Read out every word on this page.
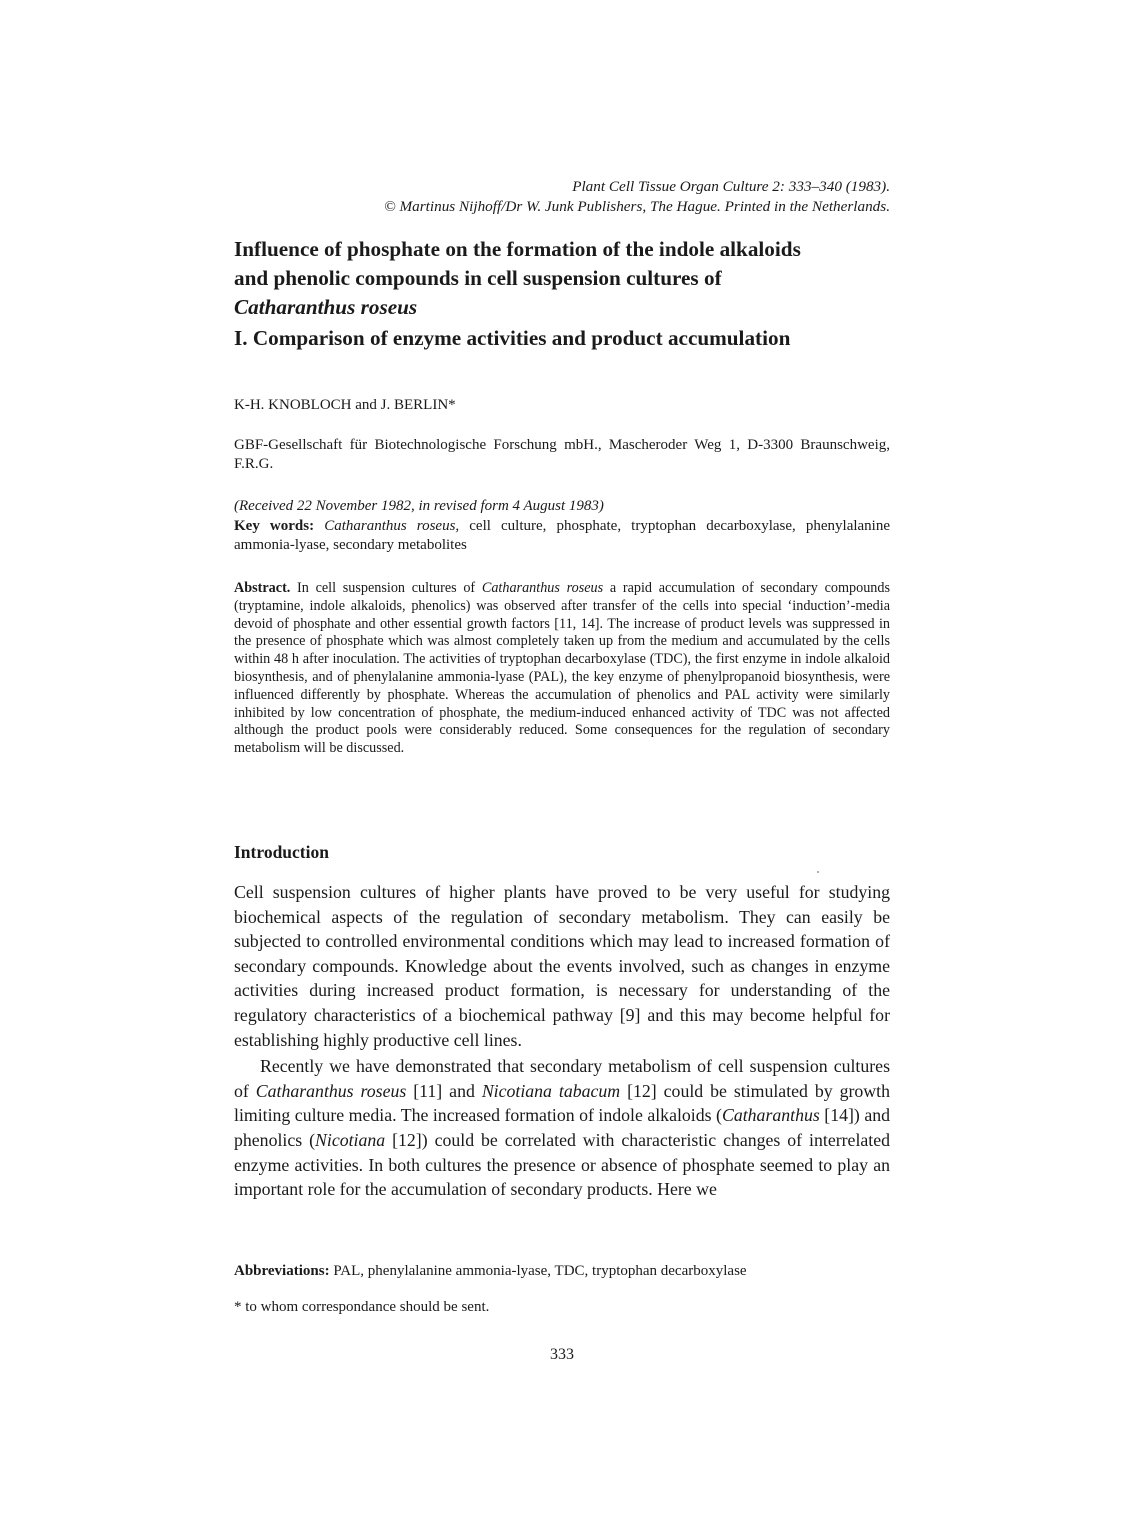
Plant Cell Tissue Organ Culture 2: 333–340 (1983).
© Martinus Nijhoff/Dr W. Junk Publishers, The Hague. Printed in the Netherlands.
Influence of phosphate on the formation of the indole alkaloids
and phenolic compounds in cell suspension cultures of
Catharanthus roseus
I. Comparison of enzyme activities and product accumulation
K-H. KNOBLOCH and J. BERLIN*
GBF-Gesellschaft für Biotechnologische Forschung mbH., Mascheroder Weg 1, D-3300 Braunschweig, F.R.G.
(Received 22 November 1982, in revised form 4 August 1983)
Key words: Catharanthus roseus, cell culture, phosphate, tryptophan decarboxylase, phenylalanine ammonia-lyase, secondary metabolites
Abstract. In cell suspension cultures of Catharanthus roseus a rapid accumulation of secondary compounds (tryptamine, indole alkaloids, phenolics) was observed after transfer of the cells into special ‘induction’-media devoid of phosphate and other essential growth factors [11, 14]. The increase of product levels was suppressed in the presence of phosphate which was almost completely taken up from the medium and accumulated by the cells within 48 h after inoculation. The activities of tryptophan decarboxylase (TDC), the first enzyme in indole alkaloid biosynthesis, and of phenylalanine ammonia-lyase (PAL), the key enzyme of phenylpropanoid biosynthesis, were influenced differently by phosphate. Whereas the accumulation of phenolics and PAL activity were similarly inhibited by low concentration of phosphate, the medium-induced enhanced activity of TDC was not affected although the product pools were considerably reduced. Some consequences for the regulation of secondary metabolism will be discussed.
Introduction

Cell suspension cultures of higher plants have proved to be very useful for studying biochemical aspects of the regulation of secondary metabolism. They can easily be subjected to controlled environmental conditions which may lead to increased formation of secondary compounds. Knowledge about the events involved, such as changes in enzyme activities during increased product formation, is necessary for understanding of the regulatory characteristics of a biochemical pathway [9] and this may become helpful for establishing highly productive cell lines.

Recently we have demonstrated that secondary metabolism of cell suspension cultures of Catharanthus roseus [11] and Nicotiana tabacum [12] could be stimulated by growth limiting culture media. The increased formation of indole alkaloids (Catharanthus [14]) and phenolics (Nicotiana [12]) could be correlated with characteristic changes of interrelated enzyme activities. In both cultures the presence or absence of phosphate seemed to play an important role for the accumulation of secondary products. Here we

Abbreviations: PAL, phenylalanine ammonia-lyase, TDC, tryptophan decarboxylase
* to whom correspondance should be sent.
333
